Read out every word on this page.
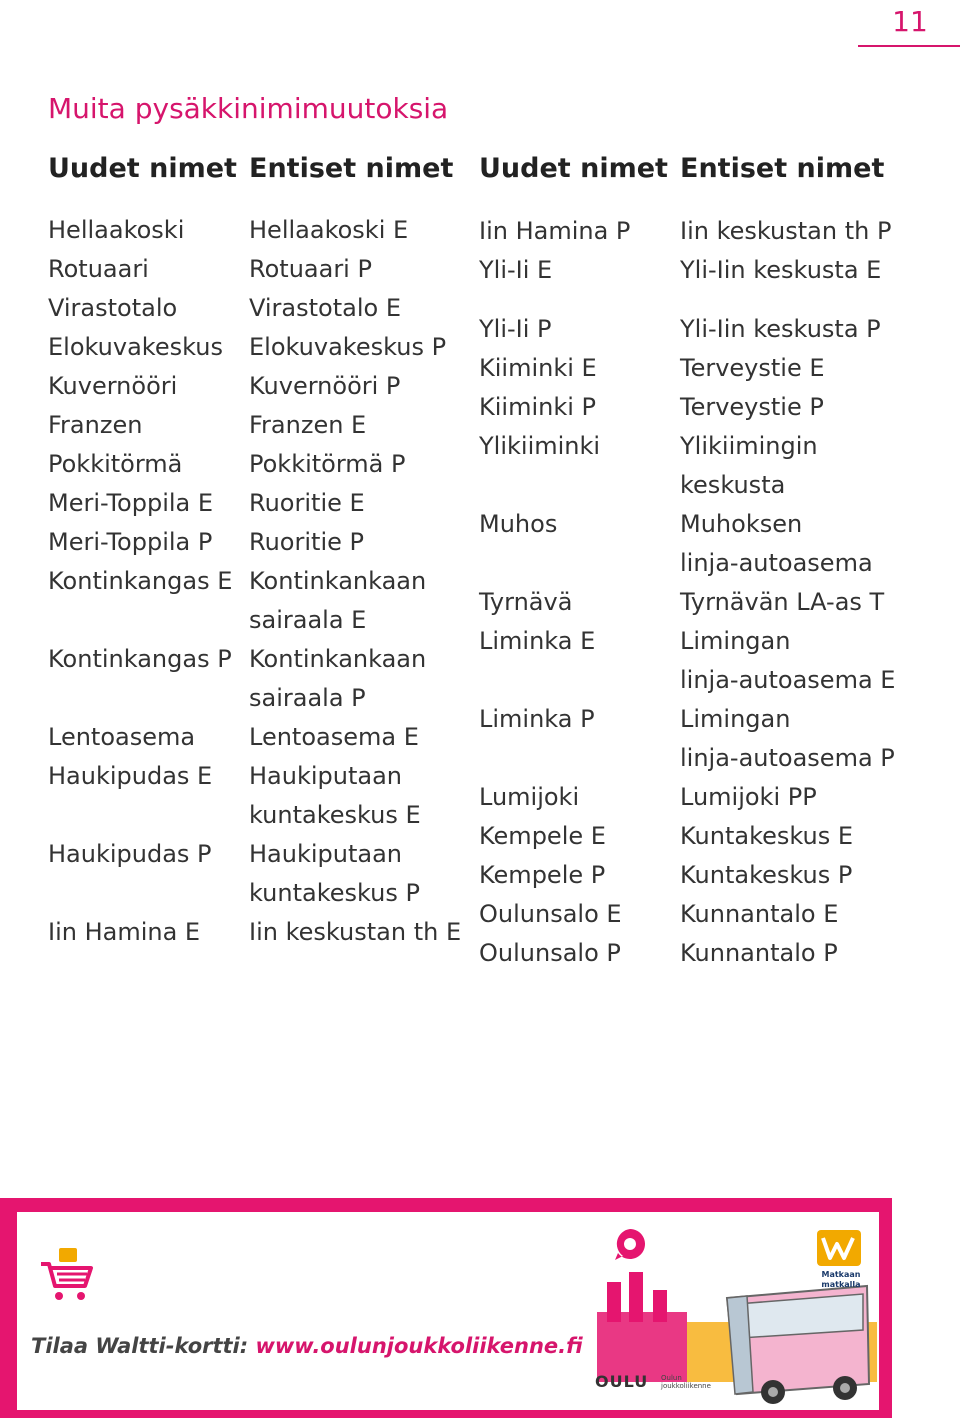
11
Muita pysäkkinimimuutoksia
Uudet nimet Entiset nimet Uudet nimet Entiset nimet
Hellaakoski
Rotuaari
Virastotalo
Elokuvakeskus
Kuvernööri
Franzen
Pokkitörmä
Meri-Toppila E
Meri-Toppila P
Kontinkangas E
Kontinkangas P
Lentoasema
Haukipudas E
Haukipudas P
Iin Hamina E
Hellaakoski E
Rotuaari P
Virastotalo E
Elokuvakeskus P
Kuvernööri P
Franzen E
Pokkitörmä P
Ruoritie E
Ruoritie P
Kontinkankaan
sairaala E
Kontinkankaan
sairaala P
Lentoasema E
Haukiputaan
kuntakeskus E
Haukiputaan
kuntakeskus P
Iin keskustan th E
Iin Hamina P
Yli-Ii E
Yli-Ii P
Kiiminki E
Kiiminki P
Ylikiiminki
Muhos
Tyrnävä
Liminka E
Liminka P
Lumijoki
Kempele E
Kempele P
Oulunsalo E
Oulunsalo P
Iin keskustan th P
Yli-Iin keskusta E
Yli-Iin keskusta P
Terveystie E
Terveystie P
Ylikiimingin
keskusta
Muhoksen
linja-autoasema
Tyrnävän LA-as T
Limingan
linja-autoasema E
Limingan
linja-autoasema P
Lumijoki PP
Kuntakeskus E
Kuntakeskus P
Kunnantalo E
Kunnantalo P
Tilaa Waltti-kortti: www.oulunjoukkoliikenne.fi
Matkaan
matkalla
OULU Oulun
joukkoliikenne
